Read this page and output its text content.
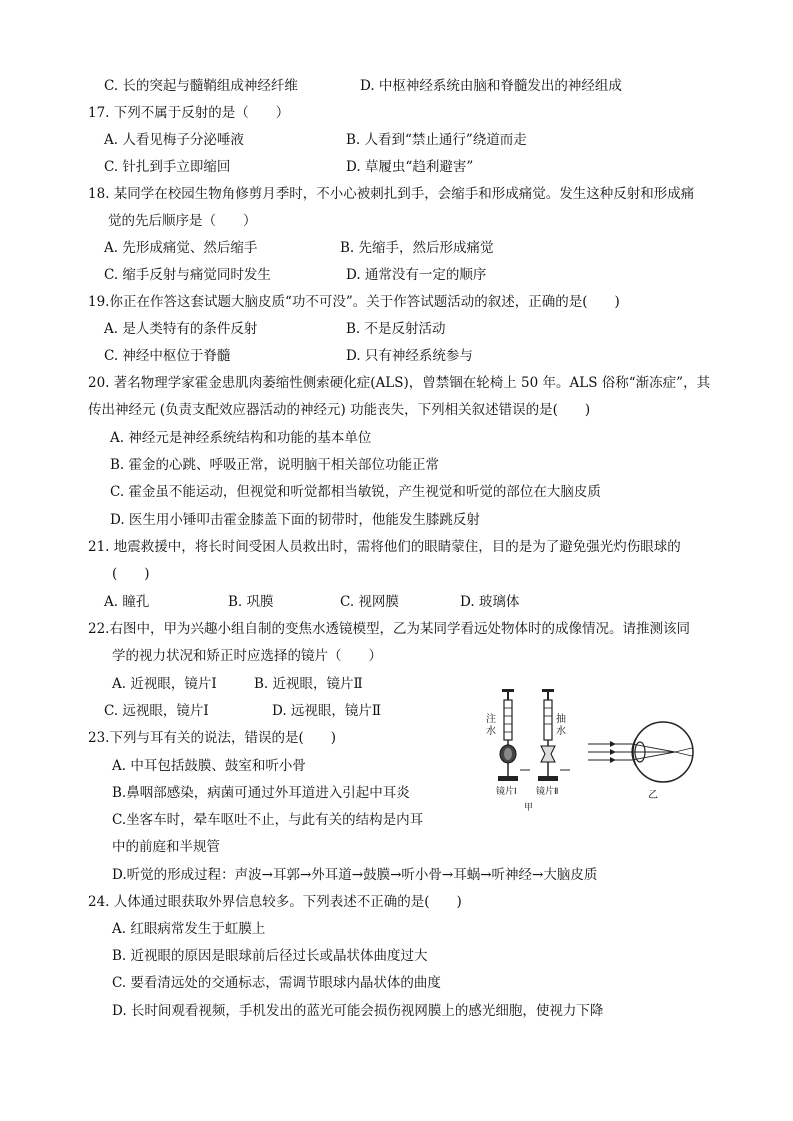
C. 长的突起与髓鞘组成神经纤维	D. 中枢神经系统由脑和脊髓发出的神经组成
17. 下列不属于反射的是（　　）
A. 人看见梅子分泌唾液	B. 人看到“禁止通行”绕道而走
C. 针扎到手立即缩回	D. 草履虫“趋利避害”
18. 某同学在校园生物角修剪月季时，不小心被刺扎到手，会缩手和形成痛觉。发生这种反射和形成痛
觉的先后顺序是（　　）
A. 先形成痛觉、然后缩手	B. 先缩手，然后形成痛觉
C. 缩手反射与痛觉同时发生	D. 通常没有一定的顺序
19.你正在作答这套试题大脑皮质“功不可没”。关于作答试题活动的叙述，正确的是(　　)
A. 是人类特有的条件反射	B. 不是反射活动
C. 神经中枢位于脊髓	D. 只有神经系统参与
20. 著名物理学家霍金患肌肉萎缩性侧索硬化症(ALS)，曾禁锢在轮椅上 50 年。ALS 俗称“渐冻症”，其
传出神经元 (负责支配效应器活动的神经元) 功能丧失，下列相关叙述错误的是(　　)
A. 神经元是神经系统结构和功能的基本单位
B. 霍金的心跳、呼吸正常，说明脑干相关部位功能正常
C. 霍金虽不能运动，但视觉和听觉都相当敏锐，产生视觉和听觉的部位在大脑皮质
D. 医生用小锤叩击霍金膝盖下面的韧带时，他能发生膝跳反射
21. 地震救援中，将长时间受困人员救出时，需将他们的眼睛蒙住，目的是为了避免强光灼伤眼球的
(　　)
A. 瞳孔	B. 巩膜	C. 视网膜	D. 玻璃体
22.右图中，甲为兴趣小组自制的变焦水透镜模型，乙为某同学看远处物体时的成像情况。请推测该同
学的视力状况和矫正时应选择的镜片（　　）
A. 近视眼，镜片Ⅰ	B. 近视眼，镜片Ⅱ
C. 远视眼，镜片Ⅰ	D. 远视眼，镜片Ⅱ
注
水
抽
水
镜片Ⅰ 镜片Ⅱ
甲
乙
23.下列与耳有关的说法，错误的是(　　)
A. 中耳包括鼓膜、鼓室和听小骨
B.鼻咽部感染，病菌可通过外耳道进入引起中耳炎
C.坐客车时，晕车呕吐不止，与此有关的结构是内耳
中的前庭和半规管
D.听觉的形成过程：声波→耳郭→外耳道→鼓膜→听小骨→耳蜗→听神经→大脑皮质
24. 人体通过眼获取外界信息较多。下列表述不正确的是(　　)
A. 红眼病常发生于虹膜上
B. 近视眼的原因是眼球前后径过长或晶状体曲度过大
C. 要看清远处的交通标志，需调节眼球内晶状体的曲度
D. 长时间观看视频，手机发出的蓝光可能会损伤视网膜上的感光细胞，使视力下降
